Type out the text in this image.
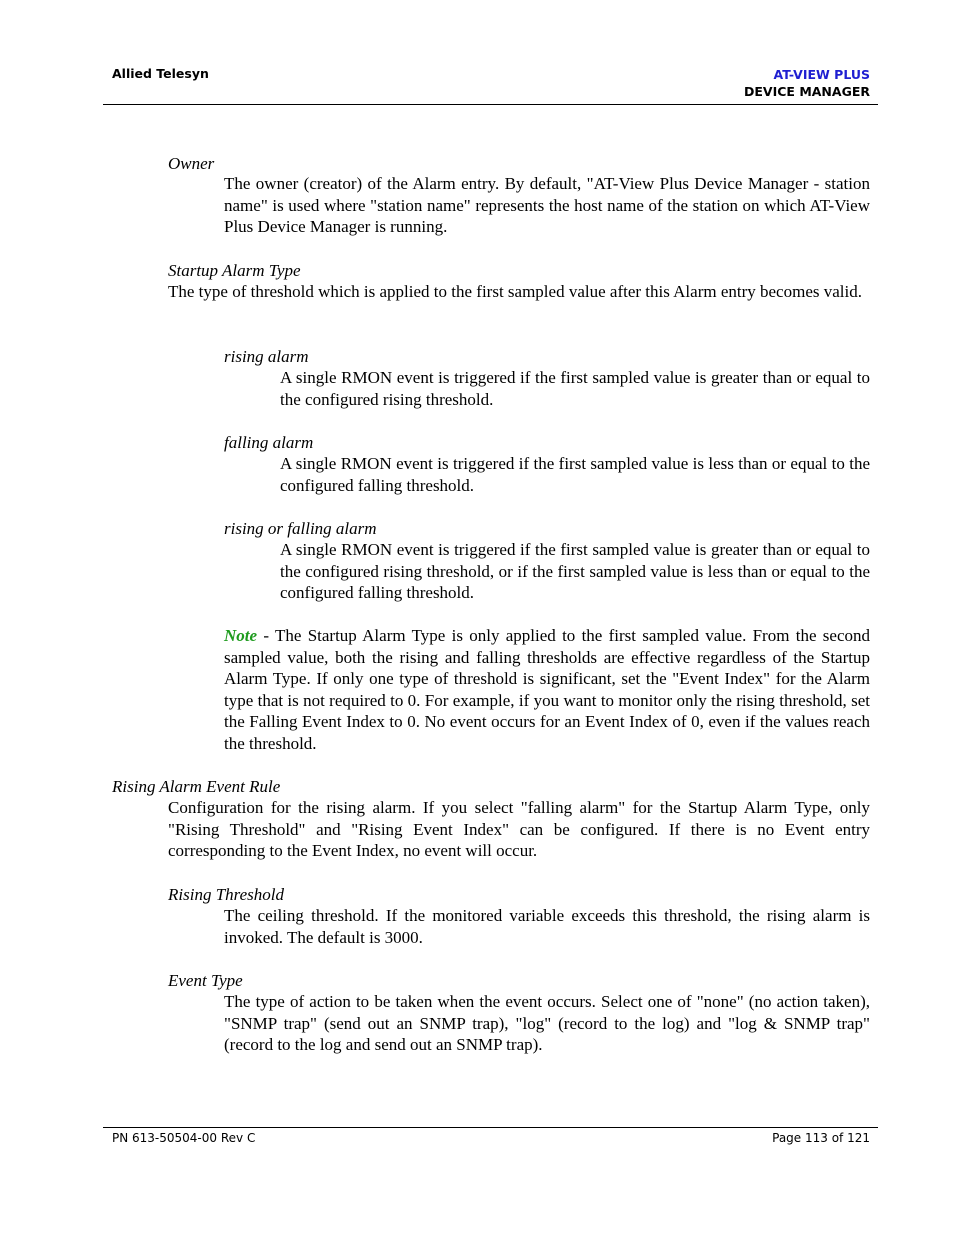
Allied Telesyn	AT-VIEW PLUS
DEVICE MANAGER
Owner
The owner (creator) of the Alarm entry. By default, "AT-View Plus Device Manager - station name" is used where "station name" represents the host name of the station on which AT-View Plus Device Manager is running.
Startup Alarm Type
The type of threshold which is applied to the first sampled value after this Alarm entry becomes valid.
rising alarm
A single RMON event is triggered if the first sampled value is greater than or equal to the configured rising threshold.
falling alarm
A single RMON event is triggered if the first sampled value is less than or equal to the configured falling threshold.
rising or falling alarm
A single RMON event is triggered if the first sampled value is greater than or equal to the configured rising threshold, or if the first sampled value is less than or equal to the configured falling threshold.
Note - The Startup Alarm Type is only applied to the first sampled value. From the second sampled value, both the rising and falling thresholds are effective regardless of the Startup Alarm Type. If only one type of threshold is significant, set the "Event Index" for the Alarm type that is not required to 0. For example, if you want to monitor only the rising threshold, set the Falling Event Index to 0. No event occurs for an Event Index of 0, even if the values reach the threshold.
Rising Alarm Event Rule
Configuration for the rising alarm. If you select "falling alarm" for the Startup Alarm Type, only "Rising Threshold" and "Rising Event Index" can be configured. If there is no Event entry corresponding to the Event Index, no event will occur.
Rising Threshold
The ceiling threshold. If the monitored variable exceeds this threshold, the rising alarm is invoked. The default is 3000.
Event Type
The type of action to be taken when the event occurs. Select one of "none" (no action taken), "SNMP trap" (send out an SNMP trap), "log" (record to the log) and "log & SNMP trap" (record to the log and send out an SNMP trap).
PN 613-50504-00 Rev C	Page 113 of 121
